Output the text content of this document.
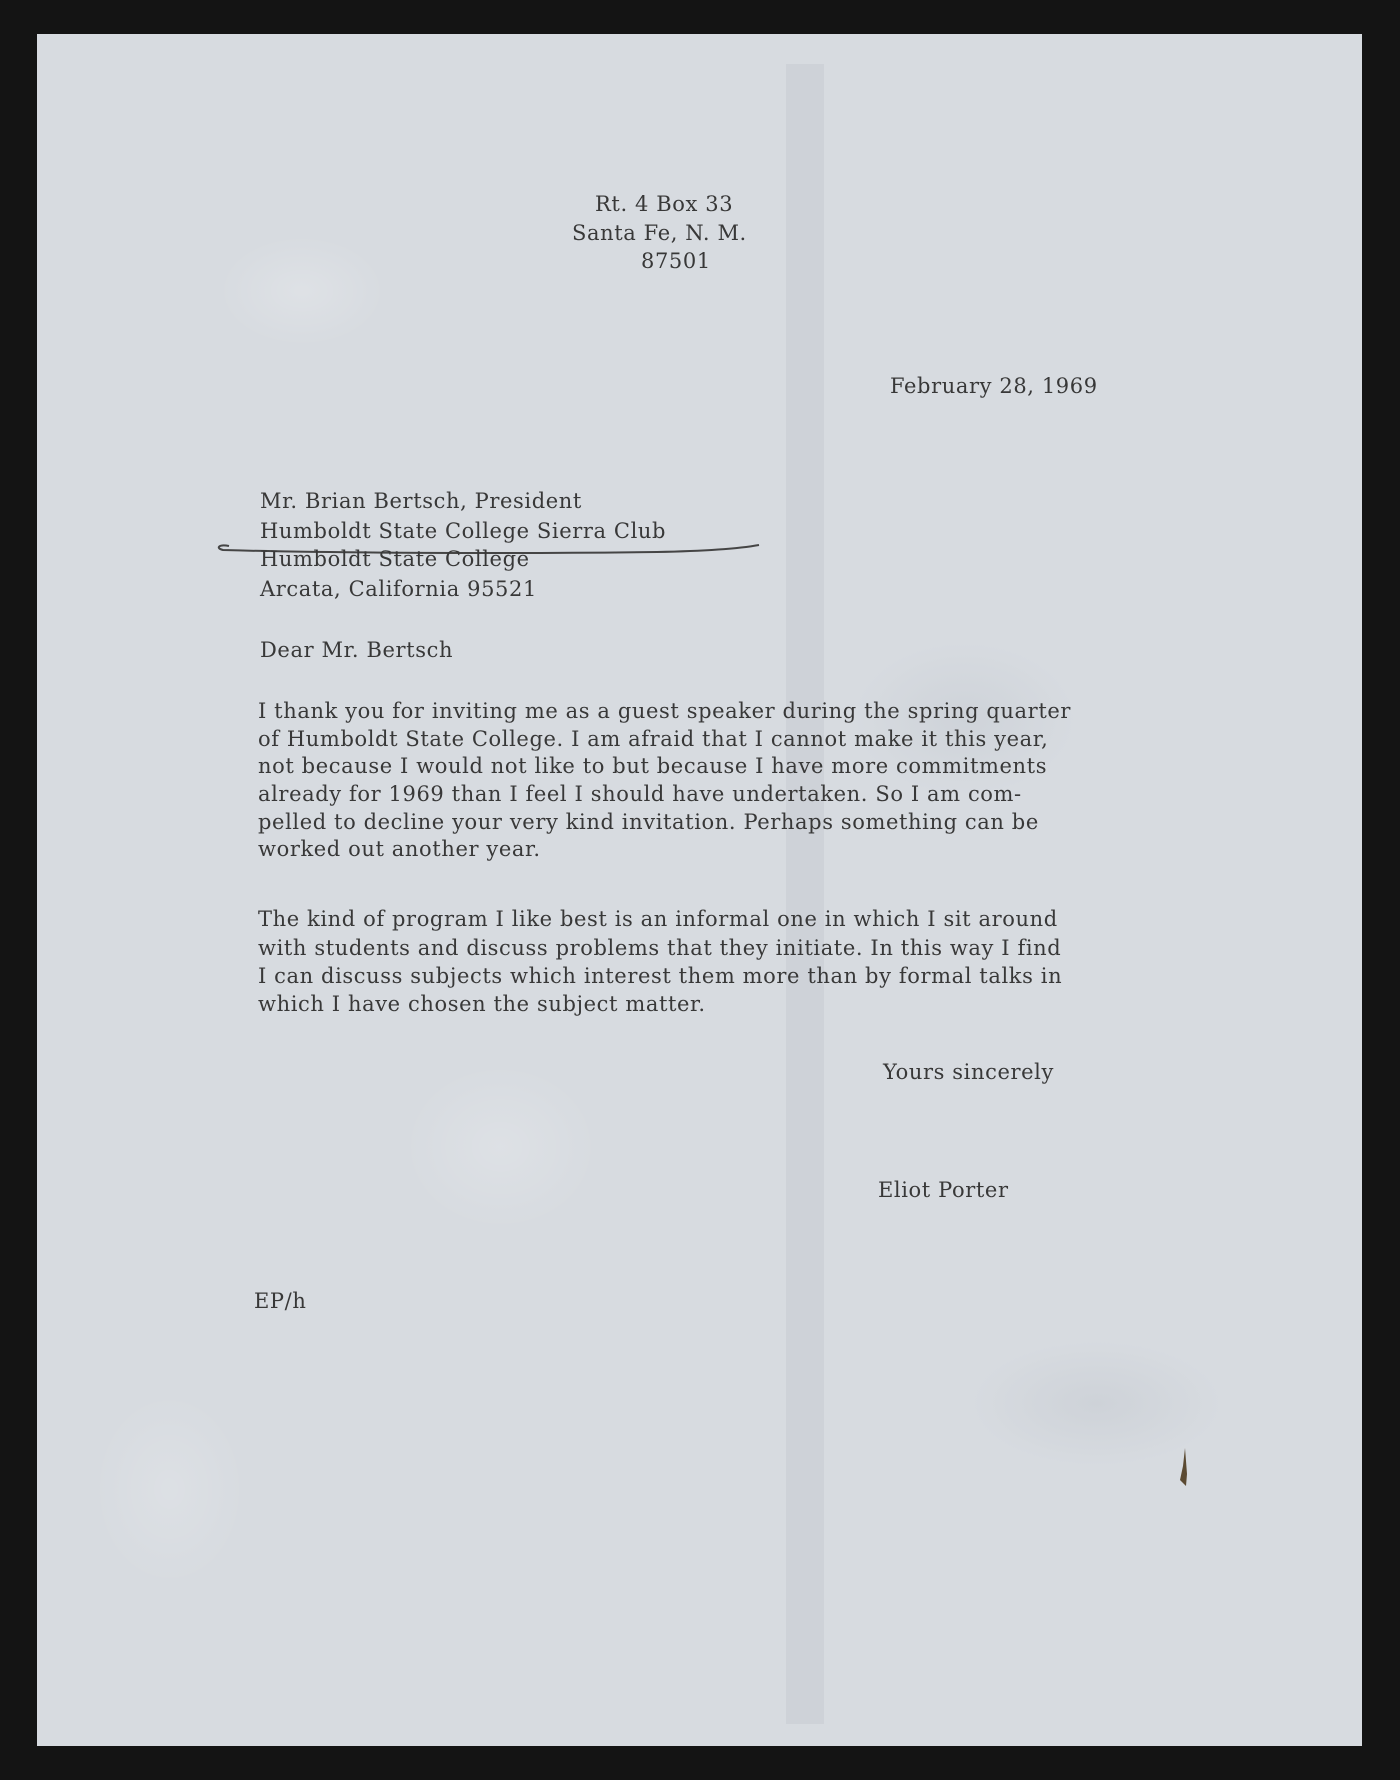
Rt. 4 Box 33

Santa Fe, N. M.

87501

February 28, 1969

Mr. Brian Bertsch, President

Humboldt State College Sierra Club

Humboldt State College

Arcata, California 95521

Dear Mr. Bertsch

I thank you for inviting me as a guest speaker during the spring quarter

of Humboldt State College. I am afraid that I cannot make it this year,

not because I would not like to but because I have more commitments

already for 1969 than I feel I should have undertaken. So I am com-

pelled to decline your very kind invitation. Perhaps something can be

worked out another year.

The kind of program I like best is an informal one in which I sit around

with students and discuss problems that they initiate. In this way I find

I can discuss subjects which interest them more than by formal talks in

which I have chosen the subject matter.

Yours sincerely

Eliot Porter

EP/h
